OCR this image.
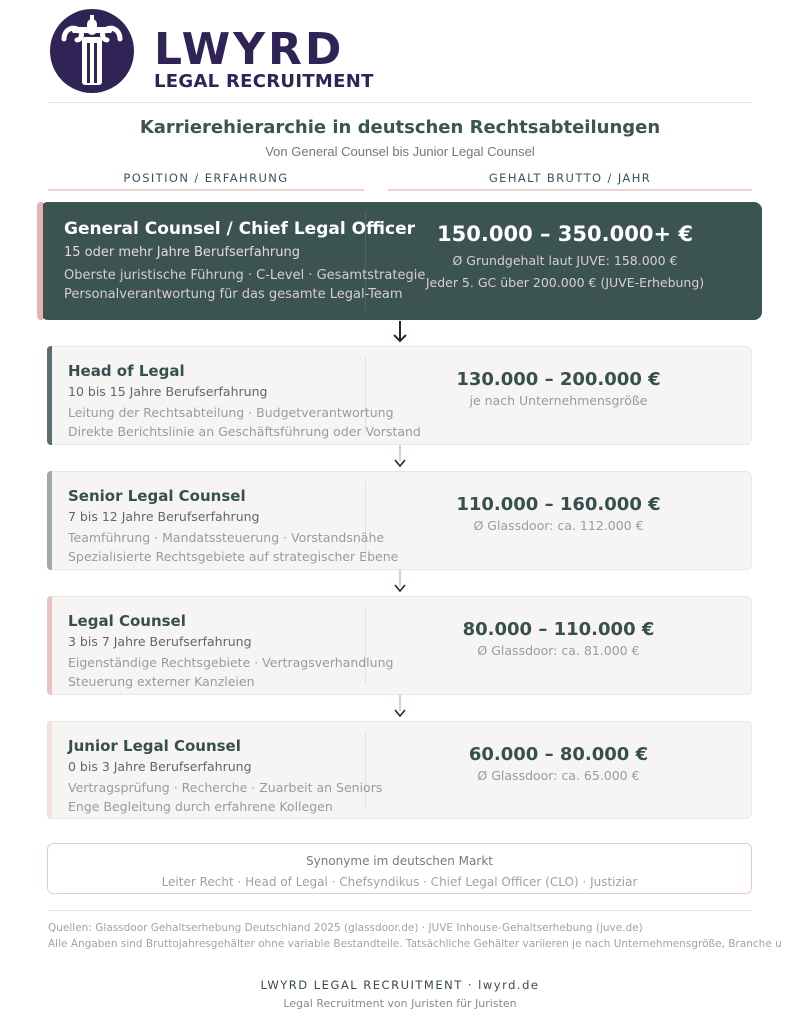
LWYRD
LEGAL RECRUITMENT
Karrierehierarchie in deutschen Rechtsabteilungen
Von General Counsel bis Junior Legal Counsel
POSITION / ERFAHRUNG	GEHALT BRUTTO / JAHR
General Counsel / Chief Legal Officer
15 oder mehr Jahre Berufserfahrung
Oberste juristische Führung · C-Level · Gesamtstrategie
Personalverantwortung für das gesamte Legal-Team
150.000 – 350.000+ €
Ø Grundgehalt laut JUVE: 158.000 €
Jeder 5. GC über 200.000 € (JUVE-Erhebung)
Head of Legal
10 bis 15 Jahre Berufserfahrung
Leitung der Rechtsabteilung · Budgetverantwortung
Direkte Berichtslinie an Geschäftsführung oder Vorstand
130.000 – 200.000 €
je nach Unternehmensgröße
Senior Legal Counsel
7 bis 12 Jahre Berufserfahrung
Teamführung · Mandatssteuerung · Vorstandsnähe
Spezialisierte Rechtsgebiete auf strategischer Ebene
110.000 – 160.000 €
Ø Glassdoor: ca. 112.000 €
Legal Counsel
3 bis 7 Jahre Berufserfahrung
Eigenständige Rechtsgebiete · Vertragsverhandlung
Steuerung externer Kanzleien
80.000 – 110.000 €
Ø Glassdoor: ca. 81.000 €
Junior Legal Counsel
0 bis 3 Jahre Berufserfahrung
Vertragsprüfung · Recherche · Zuarbeit an Seniors
Enge Begleitung durch erfahrene Kollegen
60.000 – 80.000 €
Ø Glassdoor: ca. 65.000 €
Synonyme im deutschen Markt
Leiter Recht · Head of Legal · Chefsyndikus · Chief Legal Officer (CLO) · Justiziar
Quellen: Glassdoor Gehaltserhebung Deutschland 2025 (glassdoor.de) · JUVE Inhouse-Gehaltserhebung (juve.de)
Alle Angaben sind Bruttojahresgehälter ohne variable Bestandteile. Tatsächliche Gehälter variieren je nach Unternehmensgröße, Branche u
LWYRD LEGAL RECRUITMENT · lwyrd.de
Legal Recruitment von Juristen für Juristen
